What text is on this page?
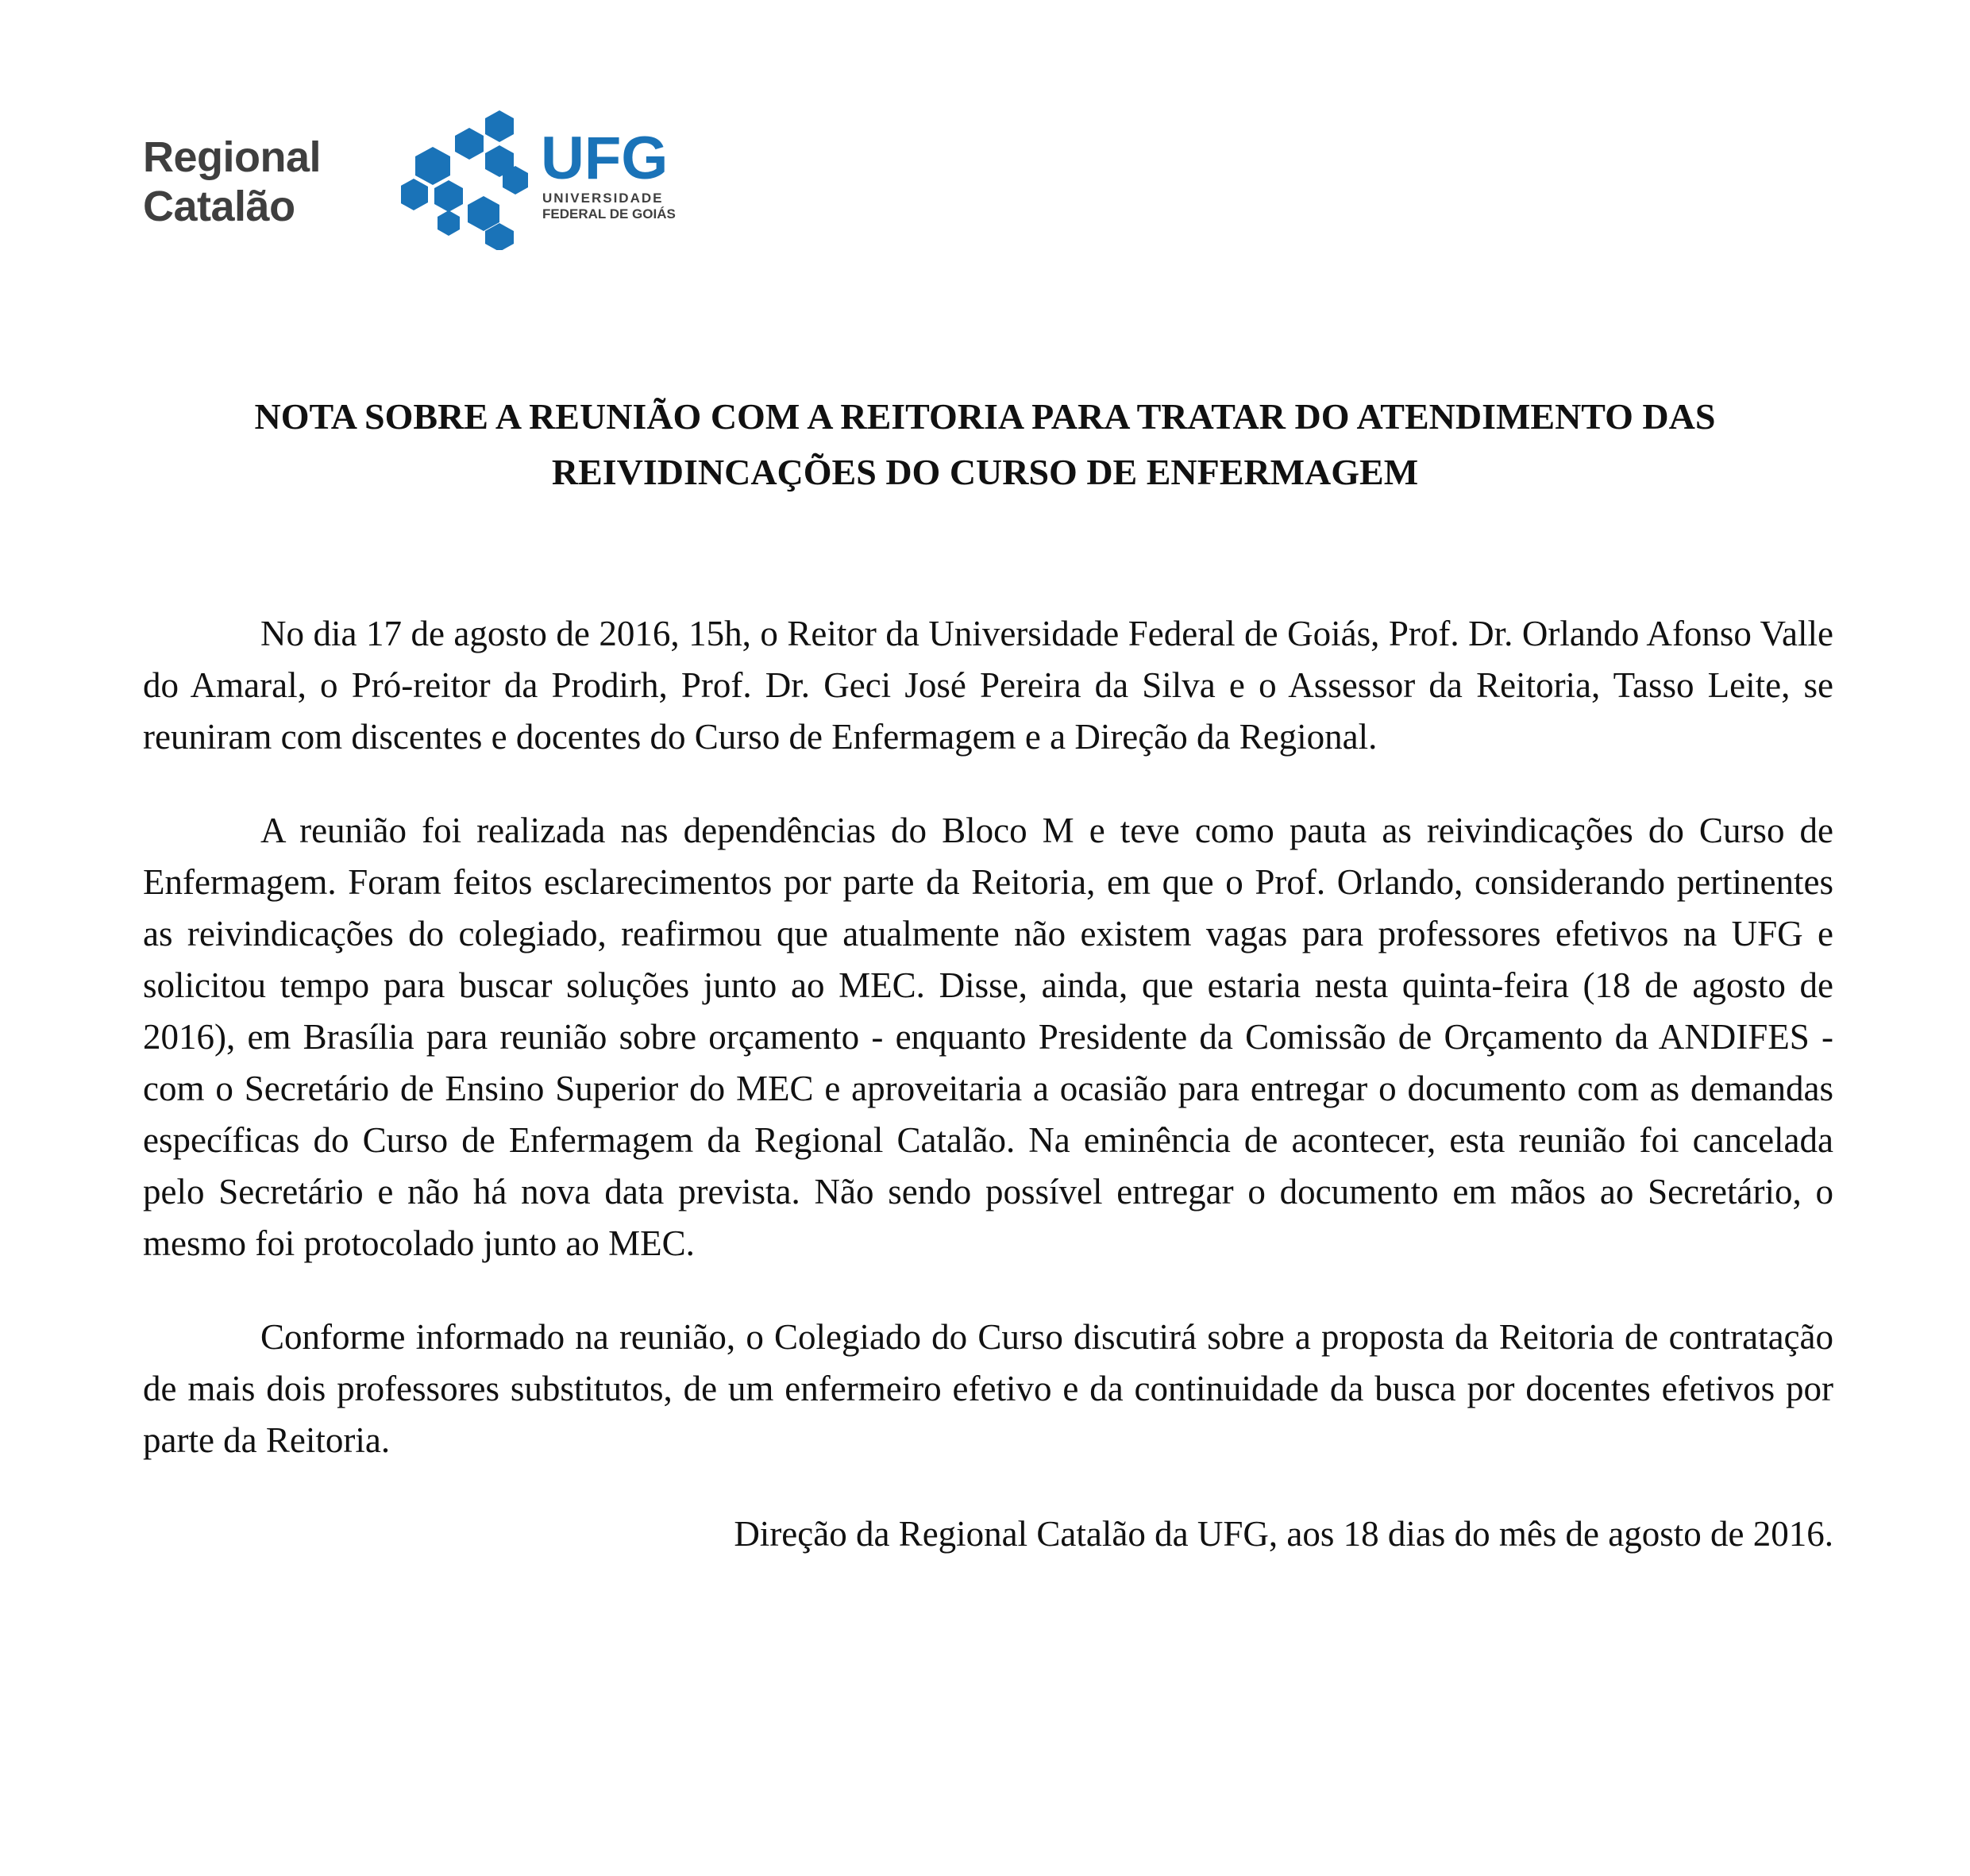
Regional
Catalão
UFG
UNIVERSIDADE
FEDERAL DE GOIÁS
NOTA SOBRE A REUNIÃO COM A REITORIA PARA TRATAR DO ATENDIMENTO DAS
REIVIDINCAÇÕES DO CURSO DE ENFERMAGEM

No dia 17 de agosto de 2016, 15h, o Reitor da Universidade Federal de Goiás, Prof. Dr. Orlando Afonso Valle do Amaral, o Pró-reitor da Prodirh, Prof. Dr. Geci José Pereira da Silva e o Assessor da Reitoria, Tasso Leite, se reuniram com discentes e docentes do Curso de Enfermagem e a Direção da Regional.

A reunião foi realizada nas dependências do Bloco M e teve como pauta as reivindicações do Curso de Enfermagem. Foram feitos esclarecimentos por parte da Reitoria, em que o Prof. Orlando, considerando pertinentes as reivindicações do colegiado, reafirmou que atualmente não existem vagas para professores efetivos na UFG e solicitou tempo para buscar soluções junto ao MEC. Disse, ainda, que estaria nesta quinta-feira (18 de agosto de 2016), em Brasília para reunião sobre orçamento - enquanto Presidente da Comissão de Orçamento da ANDIFES - com o Secretário de Ensino Superior do MEC e aproveitaria a ocasião para entregar o documento com as demandas específicas do Curso de Enfermagem da Regional Catalão. Na eminência de acontecer, esta reunião foi cancelada pelo Secretário e não há nova data prevista. Não sendo possível entregar o documento em mãos ao Secretário, o mesmo foi protocolado junto ao MEC.

Conforme informado na reunião, o Colegiado do Curso discutirá sobre a proposta da Reitoria de contratação de mais dois professores substitutos, de um enfermeiro efetivo e da continuidade da busca por docentes efetivos por parte da Reitoria.

Direção da Regional Catalão da UFG, aos 18 dias do mês de agosto de 2016.
